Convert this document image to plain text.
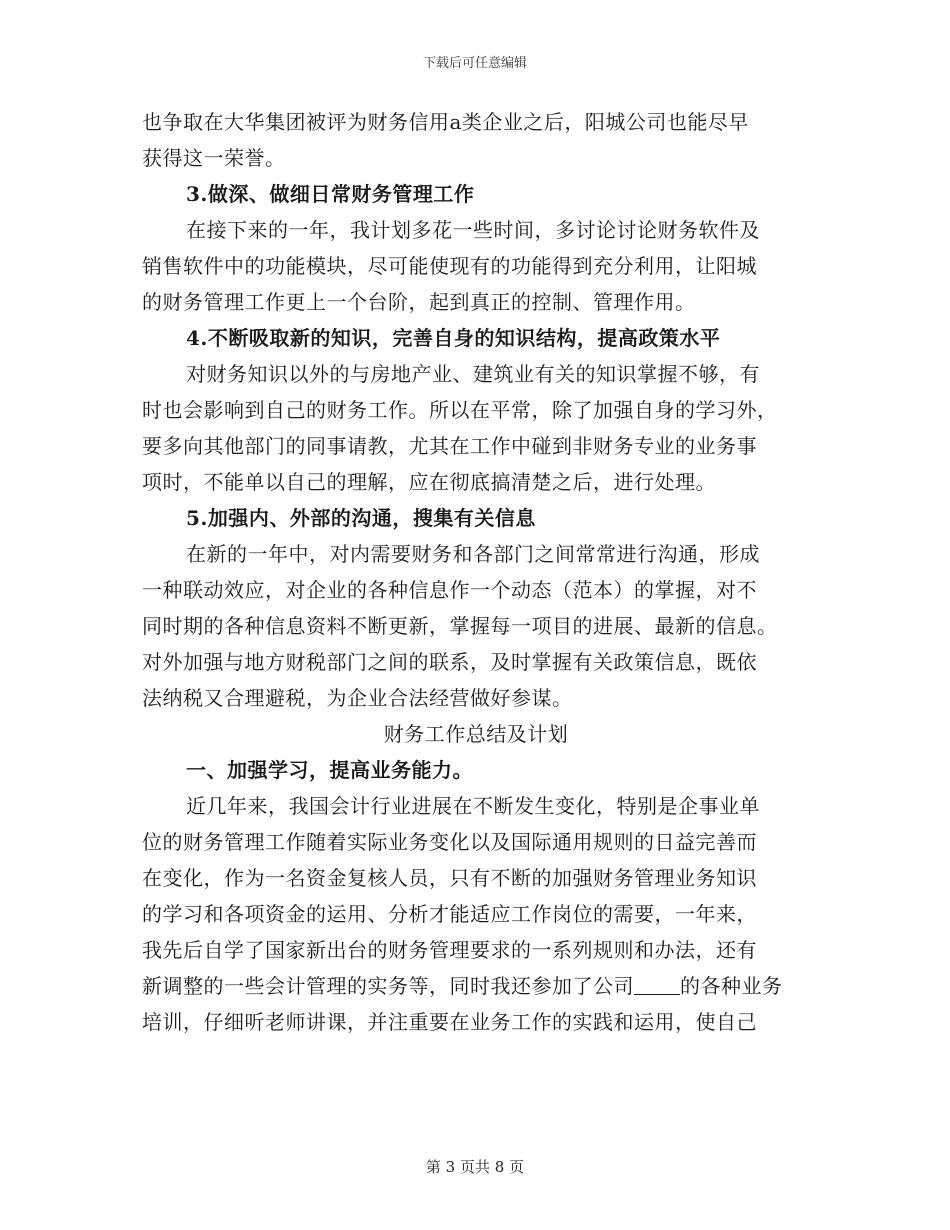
下载后可任意编辑
也争取在大华集团被评为财务信用a类企业之后，阳城公司也能尽早
获得这一荣誉。
3.做深、做细日常财务管理工作
在接下来的一年，我计划多花一些时间，多讨论讨论财务软件及
销售软件中的功能模块，尽可能使现有的功能得到充分利用，让阳城
的财务管理工作更上一个台阶，起到真正的控制、管理作用。
4.不断吸取新的知识，完善自身的知识结构，提高政策水平
对财务知识以外的与房地产业、建筑业有关的知识掌握不够，有
时也会影响到自己的财务工作。所以在平常，除了加强自身的学习外，
要多向其他部门的同事请教，尤其在工作中碰到非财务专业的业务事
项时，不能单以自己的理解，应在彻底搞清楚之后，进行处理。
5.加强内、外部的沟通，搜集有关信息
在新的一年中，对内需要财务和各部门之间常常进行沟通，形成
一种联动效应，对企业的各种信息作一个动态（范本）的掌握，对不
同时期的各种信息资料不断更新，掌握每一项目的进展、最新的信息。
对外加强与地方财税部门之间的联系，及时掌握有关政策信息，既依
法纳税又合理避税，为企业合法经营做好参谋。
财务工作总结及计划
一、加强学习，提高业务能力。
近几年来，我国会计行业进展在不断发生变化，特别是企事业单
位的财务管理工作随着实际业务变化以及国际通用规则的日益完善而
在变化，作为一名资金复核人员，只有不断的加强财务管理业务知识
的学习和各项资金的运用、分析才能适应工作岗位的需要，一年来，
我先后自学了国家新出台的财务管理要求的一系列规则和办法，还有
新调整的一些会计管理的实务等，同时我还参加了公司 的各种业务
培训，仔细听老师讲课，并注重要在业务工作的实践和运用，使自己
第 3 页共 8 页
